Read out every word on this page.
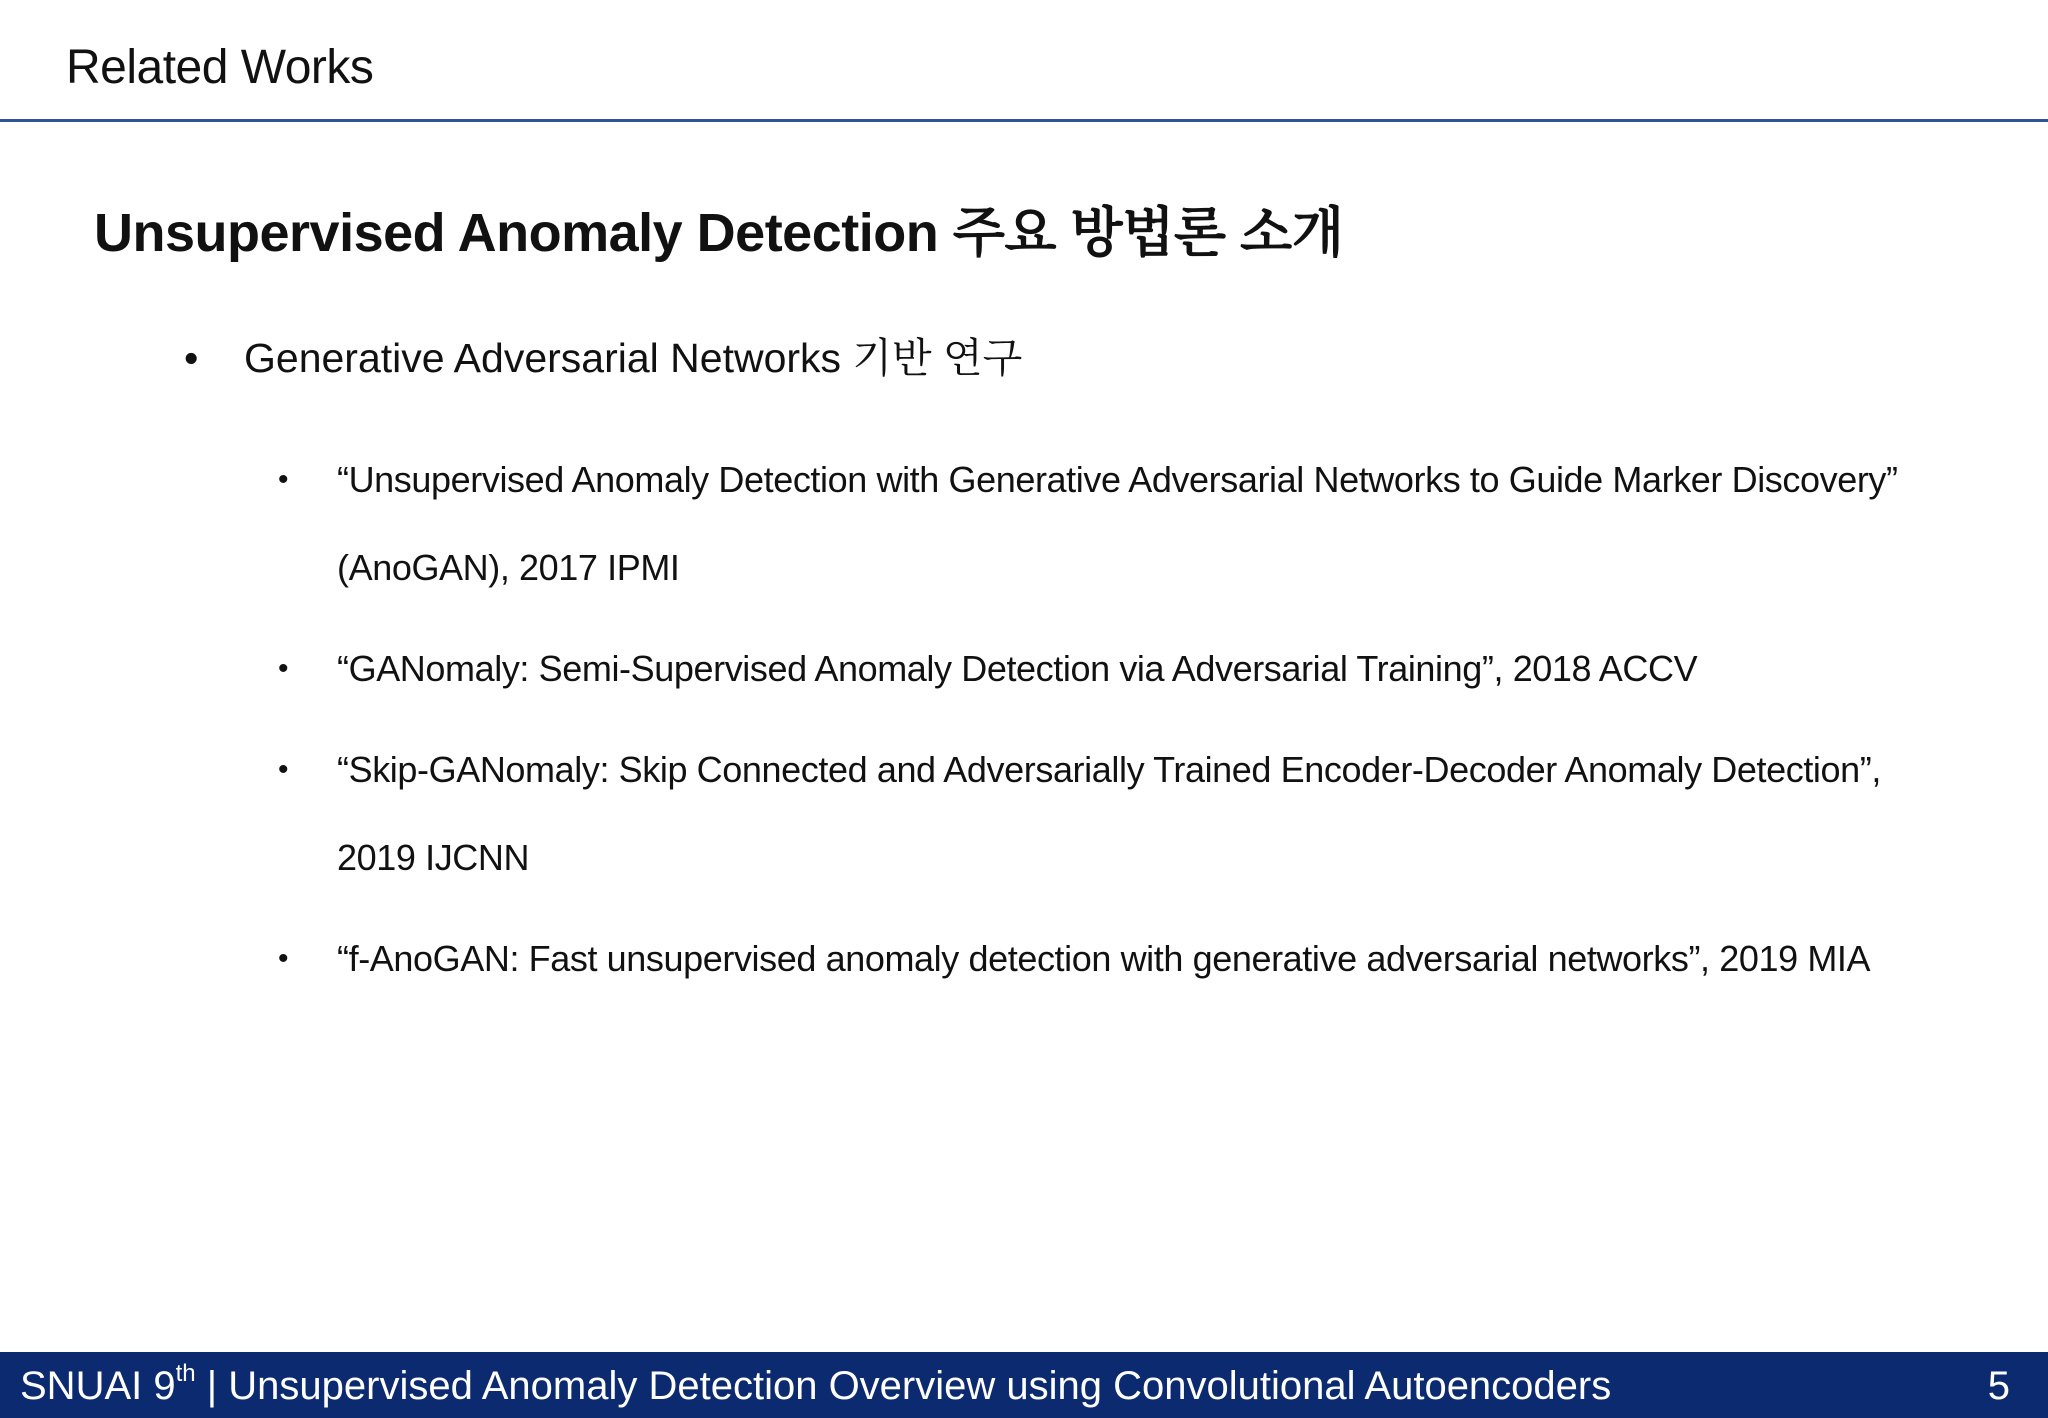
Related Works
Unsupervised Anomaly Detection 주요 방법론 소개
• Generative Adversarial Networks 기반 연구
• “Unsupervised Anomaly Detection with Generative Adversarial Networks to Guide Marker Discovery”
(AnoGAN), 2017 IPMI
• “GANomaly: Semi-Supervised Anomaly Detection via Adversarial Training”, 2018 ACCV
• “Skip-GANomaly: Skip Connected and Adversarially Trained Encoder-Decoder Anomaly Detection”,
2019 IJCNN
• “f-AnoGAN: Fast unsupervised anomaly detection with generative adversarial networks”, 2019 MIA
SNUAI 9th | Unsupervised Anomaly Detection Overview using Convolutional Autoencoders	5
